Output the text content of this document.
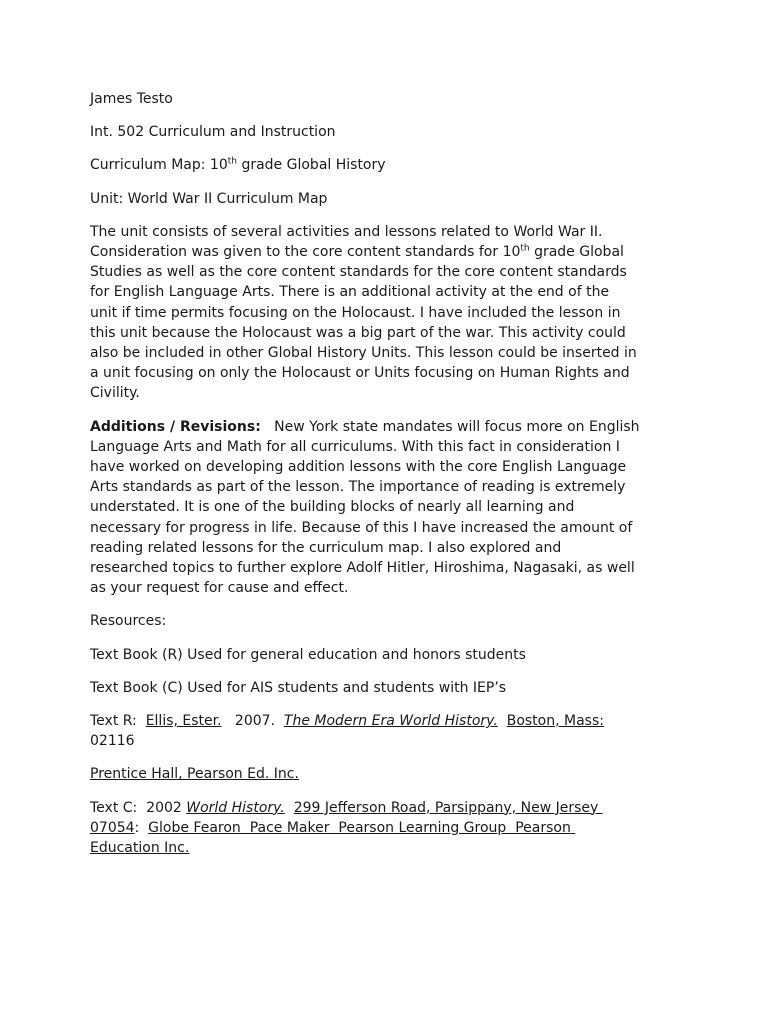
James Testo

Int. 502 Curriculum and Instruction

Curriculum Map: 10th grade Global History

Unit: World War II Curriculum Map

The unit consists of several activities and lessons related to World War II.
Consideration was given to the core content standards for 10th grade Global
Studies as well as the core content standards for the core content standards
for English Language Arts. There is an additional activity at the end of the
unit if time permits focusing on the Holocaust. I have included the lesson in
this unit because the Holocaust was a big part of the war. This activity could
also be included in other Global History Units. This lesson could be inserted in
a unit focusing on only the Holocaust or Units focusing on Human Rights and
Civility.

Additions / Revisions:   New York state mandates will focus more on English
Language Arts and Math for all curriculums. With this fact in consideration I
have worked on developing addition lessons with the core English Language
Arts standards as part of the lesson. The importance of reading is extremely
understated. It is one of the building blocks of nearly all learning and
necessary for progress in life. Because of this I have increased the amount of
reading related lessons for the curriculum map. I also explored and
researched topics to further explore Adolf Hitler, Hiroshima, Nagasaki, as well
as your request for cause and effect.

Resources:

Text Book (R) Used for general education and honors students

Text Book (C) Used for AIS students and students with IEP’s

Text R:  Ellis, Ester.   2007.  The Modern Era World History. Boston, Mass:
02116

Prentice Hall, Pearson Ed. Inc.

Text C:  2002 World History. 299 Jefferson Road, Parsippany, New Jersey
07054:  Globe Fearon  Pace Maker  Pearson Learning Group  Pearson
Education Inc.
